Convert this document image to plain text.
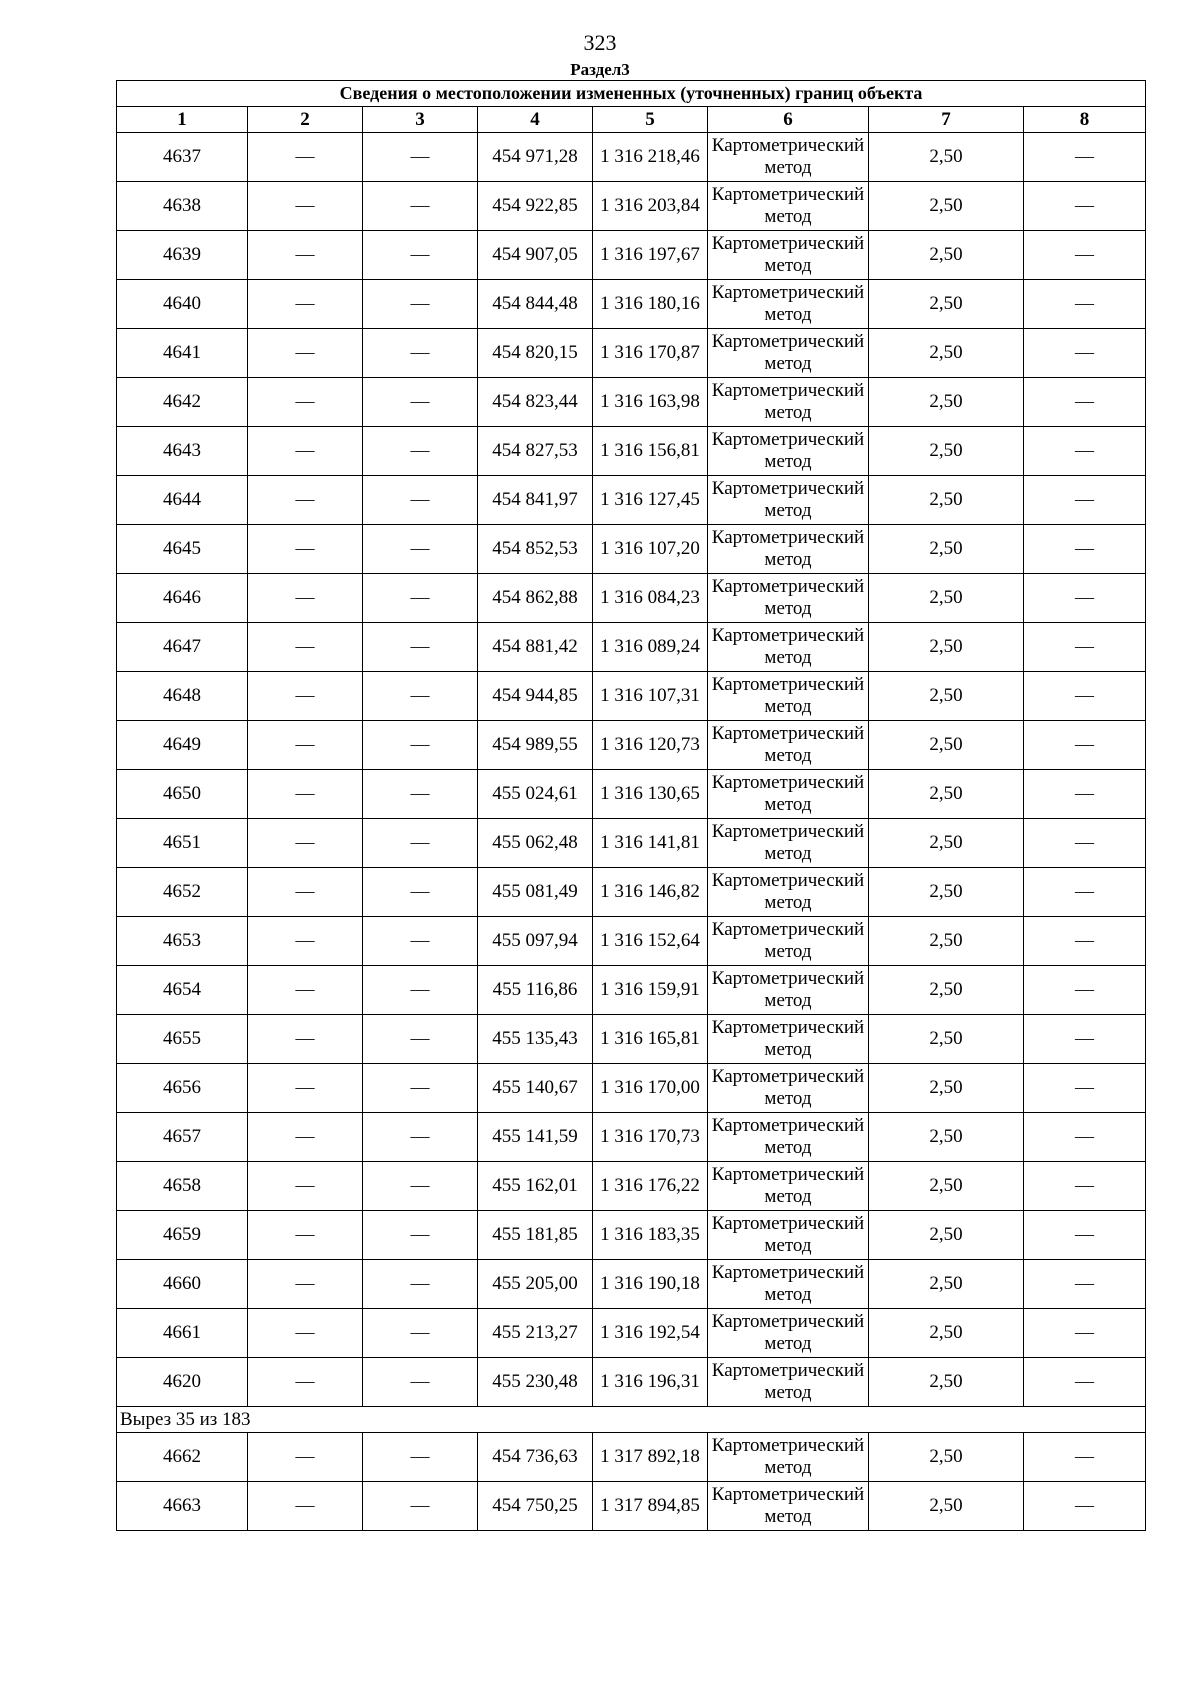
323
Раздел3
Сведения о местоположении измененных (уточненных) границ объекта							
1	2	3	4	5	6	7	8
4637	—	—	454 971,28	1 316 218,46	Картометрический метод	2,50	—
4638	—	—	454 922,85	1 316 203,84	Картометрический метод	2,50	—
4639	—	—	454 907,05	1 316 197,67	Картометрический метод	2,50	—
4640	—	—	454 844,48	1 316 180,16	Картометрический метод	2,50	—
4641	—	—	454 820,15	1 316 170,87	Картометрический метод	2,50	—
4642	—	—	454 823,44	1 316 163,98	Картометрический метод	2,50	—
4643	—	—	454 827,53	1 316 156,81	Картометрический метод	2,50	—
4644	—	—	454 841,97	1 316 127,45	Картометрический метод	2,50	—
4645	—	—	454 852,53	1 316 107,20	Картометрический метод	2,50	—
4646	—	—	454 862,88	1 316 084,23	Картометрический метод	2,50	—
4647	—	—	454 881,42	1 316 089,24	Картометрический метод	2,50	—
4648	—	—	454 944,85	1 316 107,31	Картометрический метод	2,50	—
4649	—	—	454 989,55	1 316 120,73	Картометрический метод	2,50	—
4650	—	—	455 024,61	1 316 130,65	Картометрический метод	2,50	—
4651	—	—	455 062,48	1 316 141,81	Картометрический метод	2,50	—
4652	—	—	455 081,49	1 316 146,82	Картометрический метод	2,50	—
4653	—	—	455 097,94	1 316 152,64	Картометрический метод	2,50	—
4654	—	—	455 116,86	1 316 159,91	Картометрический метод	2,50	—
4655	—	—	455 135,43	1 316 165,81	Картометрический метод	2,50	—
4656	—	—	455 140,67	1 316 170,00	Картометрический метод	2,50	—
4657	—	—	455 141,59	1 316 170,73	Картометрический метод	2,50	—
4658	—	—	455 162,01	1 316 176,22	Картометрический метод	2,50	—
4659	—	—	455 181,85	1 316 183,35	Картометрический метод	2,50	—
4660	—	—	455 205,00	1 316 190,18	Картометрический метод	2,50	—
4661	—	—	455 213,27	1 316 192,54	Картометрический метод	2,50	—
4620	—	—	455 230,48	1 316 196,31	Картометрический метод	2,50	—
Вырез 35 из 183							
4662	—	—	454 736,63	1 317 892,18	Картометрический метод	2,50	—
4663	—	—	454 750,25	1 317 894,85	Картометрический метод	2,50	—
